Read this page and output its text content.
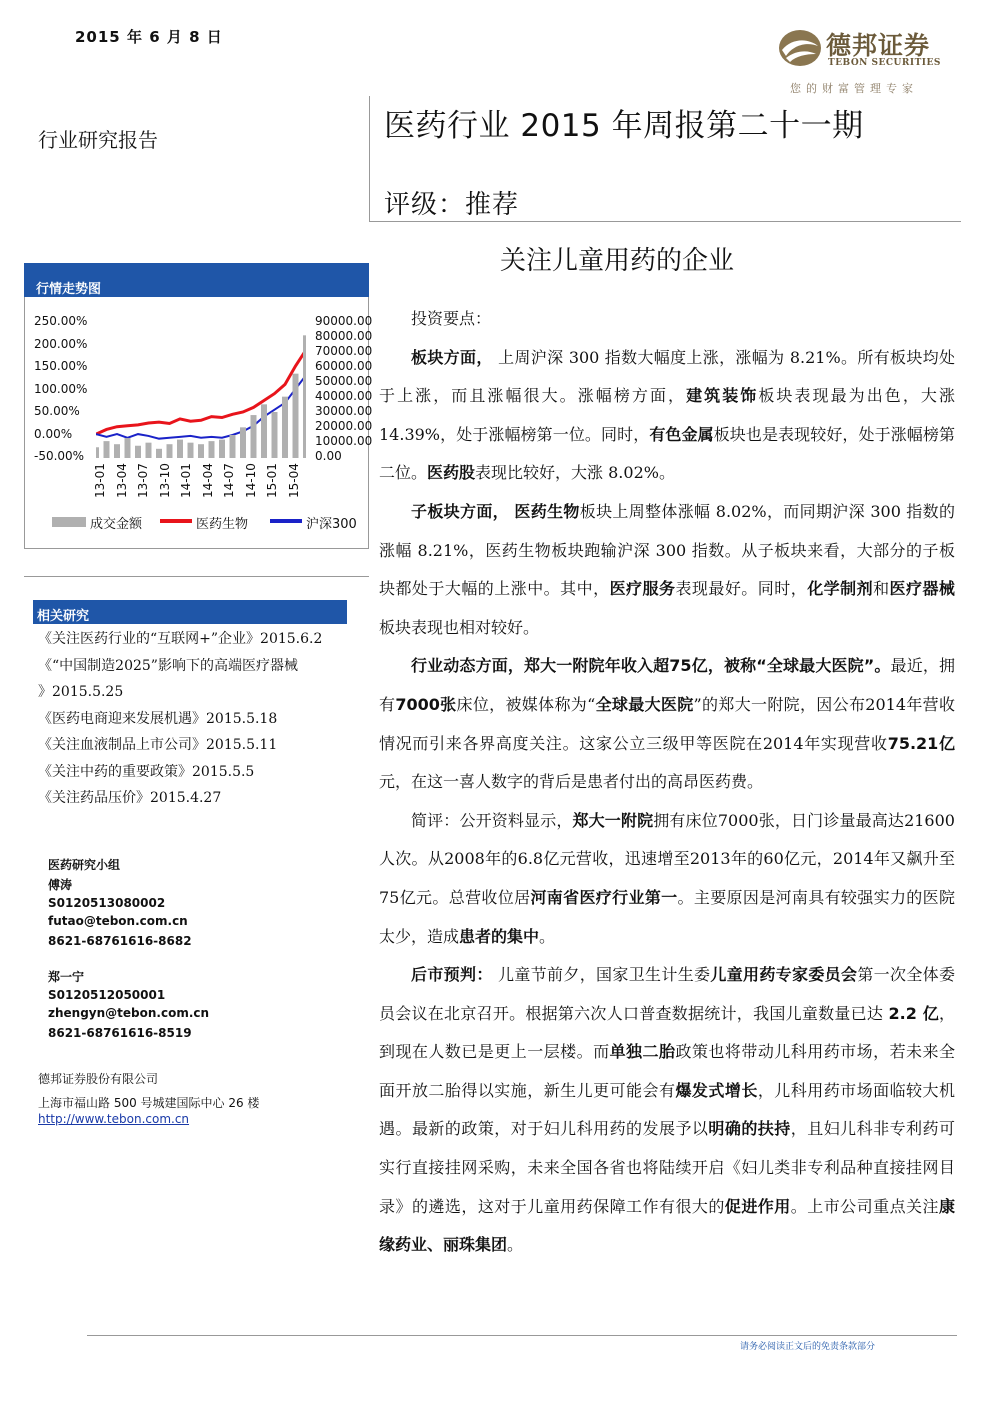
2015 年 6 月 8 日	德邦证券
TEBON SECURITIES
您的财富管理专家
行业研究报告	医药行业 2015 年周报第二十一期
评级：推荐
关注儿童用药的企业
行情走势图
250.00%
200.00%
150.00%
100.00%
50.00%
0.00%
-50.00%
90000.00
80000.00
70000.00
60000.00
50000.00
40000.00
30000.00
20000.00
10000.00
0.00
13-01 13-04 13-07 13-10 14-01 14-04 14-07 14-10 15-01 15-04
成交金额	医药生物	沪深300
相关研究
《关注医药行业的“互联网+”企业》2015.6.2
《“中国制造2025”影响下的高端医疗器械
》2015.5.25
《医药电商迎来发展机遇》2015.5.18
《关注血液制品上市公司》2015.5.11
《关注中药的重要政策》2015.5.5
《关注药品压价》2015.4.27
医药研究小组
傅涛
S0120513080002
futao@tebon.com.cn
8621-68761616-8682
郑一宁
S0120512050001
zhengyn@tebon.com.cn
8621-68761616-8519
德邦证券股份有限公司
上海市福山路 500 号城建国际中心 26 楼
http://www.tebon.com.cn

投资要点：

板块方面， 上周沪深 300 指数大幅度上涨，涨幅为 8.21%。所有板块均处于上涨，而且涨幅很大。涨幅榜方面，建筑装饰板块表现最为出色，大涨 14.39%，处于涨幅榜第一位。同时，有色金属板块也是表现较好，处于涨幅榜第二位。医药股表现比较好，大涨 8.02%。

子板块方面， 医药生物板块上周整体涨幅 8.02%，而同期沪深 300 指数的涨幅 8.21%，医药生物板块跑输沪深 300 指数。从子板块来看，大部分的子板块都处于大幅的上涨中。其中，医疗服务表现最好。同时，化学制剂和医疗器械板块表现也相对较好。

行业动态方面，郑大一附院年收入超75亿，被称“全球最大医院”。最近，拥有7000张床位，被媒体称为“全球最大医院”的郑大一附院，因公布2014年营收情况而引来各界高度关注。这家公立三级甲等医院在2014年实现营收75.21亿元，在这一喜人数字的背后是患者付出的高昂医药费。

简评：公开资料显示，郑大一附院拥有床位7000张，日门诊量最高达21600人次。从2008年的6.8亿元营收，迅速增至2013年的60亿元，2014年又飙升至75亿元。总营收位居河南省医疗行业第一。主要原因是河南具有较强实力的医院太少，造成患者的集中。

后市预判： 儿童节前夕，国家卫生计生委儿童用药专家委员会第一次全体委员会议在北京召开。根据第六次人口普查数据统计，我国儿童数量已达 2.2 亿，到现在人数已是更上一层楼。而单独二胎政策也将带动儿科用药市场，若未来全面开放二胎得以实施，新生儿更可能会有爆发式增长，儿科用药市场面临较大机遇。最新的政策，对于妇儿科用药的发展予以明确的扶持，且妇儿科非专利药可实行直接挂网采购，未来全国各省也将陆续开启《妇儿类非专利品种直接挂网目录》的遴选，这对于儿童用药保障工作有很大的促进作用。上市公司重点关注康缘药业、丽珠集团。

请务必阅读正文后的免责条款部分
